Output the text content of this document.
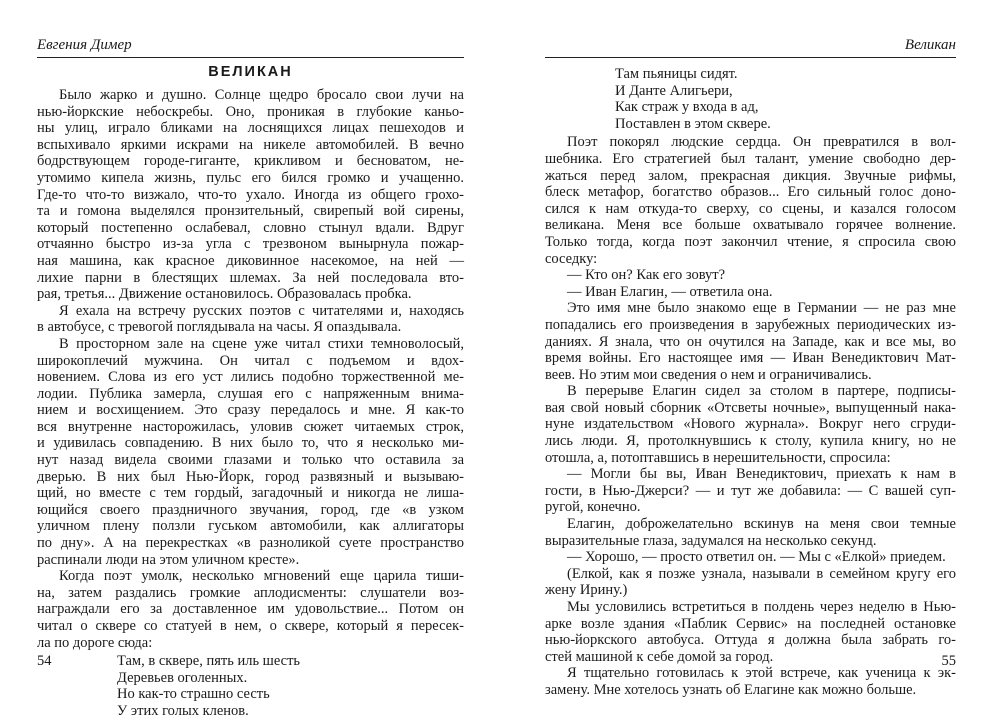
Евгения Димер
ВЕЛИКАН
Было жарко и душно. Солнце щедро бросало свои лучи на
нью-йоркские небоскребы. Оно, проникая в глубокие каньо-
ны улиц, играло бликами на лоснящихся лицах пешеходов и
вспыхивало яркими искрами на никеле автомобилей. В вечно
бодрствующем городе-гиганте, крикливом и бесноватом, не-
утомимо кипела жизнь, пульс его бился громко и учащенно.
Где-то что-то визжало, что-то ухало. Иногда из общего грохо-
та и гомона выделялся пронзительный, свирепый вой сирены,
который постепенно ослабевал, словно стынул вдали. Вдруг
отчаянно быстро из-за угла с трезвоном вынырнула пожар-
ная машина, как красное диковинное насекомое, на ней —
лихие парни в блестящих шлемах. За ней последовала вто-
рая, третья... Движение остановилось. Образовалась пробка.
Я ехала на встречу русских поэтов с читателями и, находясь
в автобусе, с тревогой поглядывала на часы. Я опаздывала.
В просторном зале на сцене уже читал стихи темноволосый,
широкоплечий мужчина. Он читал с подъемом и вдох-
новением. Слова из его уст лились подобно торжественной ме-
лодии. Публика замерла, слушая его с напряженным внима-
нием и восхищением. Это сразу передалось и мне. Я как-то
вся внутренне насторожилась, уловив сюжет читаемых строк,
и удивилась совпадению. В них было то, что я несколько ми-
нут назад видела своими глазами и только что оставила за
дверью. В них был Нью-Йорк, город развязный и вызываю-
щий, но вместе с тем гордый, загадочный и никогда не лиша-
ющийся своего праздничного звучания, город, где «в узком
уличном плену ползли гуськом автомобили, как аллигаторы
по дну». А на перекрестках «в разноликой суете пространство
распинали люди на этом уличном кресте».
Когда поэт умолк, несколько мгновений еще царила тиши-
на, затем раздались громкие аплодисменты: слушатели воз-
награждали его за доставленное им удовольствие... Потом он
читал о сквере со статуей в нем, о сквере, который я пересек-
ла по дороге сюда:
Там, в сквере, пять иль шесть
Деревьев оголенных.
Но как-то страшно сесть
У этих голых кленов.
54
Великан
Там пьяницы сидят.
И Данте Алигьери,
Как страж у входа в ад,
Поставлен в этом сквере.
Поэт покорял людские сердца. Он превратился в вол-
шебника. Его стратегией был талант, умение свободно дер-
жаться перед залом, прекрасная дикция. Звучные рифмы,
блеск метафор, богатство образов... Его сильный голос доно-
сился к нам откуда-то сверху, со сцены, и казался голосом
великана. Меня все больше охватывало горячее волнение.
Только тогда, когда поэт закончил чтение, я спросила свою
соседку:
— Кто он? Как его зовут?
— Иван Елагин, — ответила она.
Это имя мне было знакомо еще в Германии — не раз мне
попадались его произведения в зарубежных периодических из-
даниях. Я знала, что он очутился на Западе, как и все мы, во
время войны. Его настоящее имя — Иван Венедиктович Мат-
веев. Но этим мои сведения о нем и ограничивались.
В перерыве Елагин сидел за столом в партере, подписы-
вая свой новый сборник «Отсветы ночные», выпущенный нака-
нуне издательством «Нового журнала». Вокруг него сгруди-
лись люди. Я, протолкнувшись к столу, купила книгу, но не
отошла, а, потоптавшись в нерешительности, спросила:
— Могли бы вы, Иван Венедиктович, приехать к нам в
гости, в Нью-Джерси? — и тут же добавила: — С вашей суп-
ругой, конечно.
Елагин, доброжелательно вскинув на меня свои темные
выразительные глаза, задумался на несколько секунд.
— Хорошо, — просто ответил он. — Мы с «Елкой» приедем.
(Елкой, как я позже узнала, называли в семейном кругу его
жену Ирину.)
Мы условились встретиться в полдень через неделю в Нью-
арке возле здания «Паблик Сервис» на последней остановке
нью-йоркского автобуса. Оттуда я должна была забрать го-
стей машиной к себе домой за город.
Я тщательно готовилась к этой встрече, как ученица к эк-
замену. Мне хотелось узнать об Елагине как можно больше.
55
